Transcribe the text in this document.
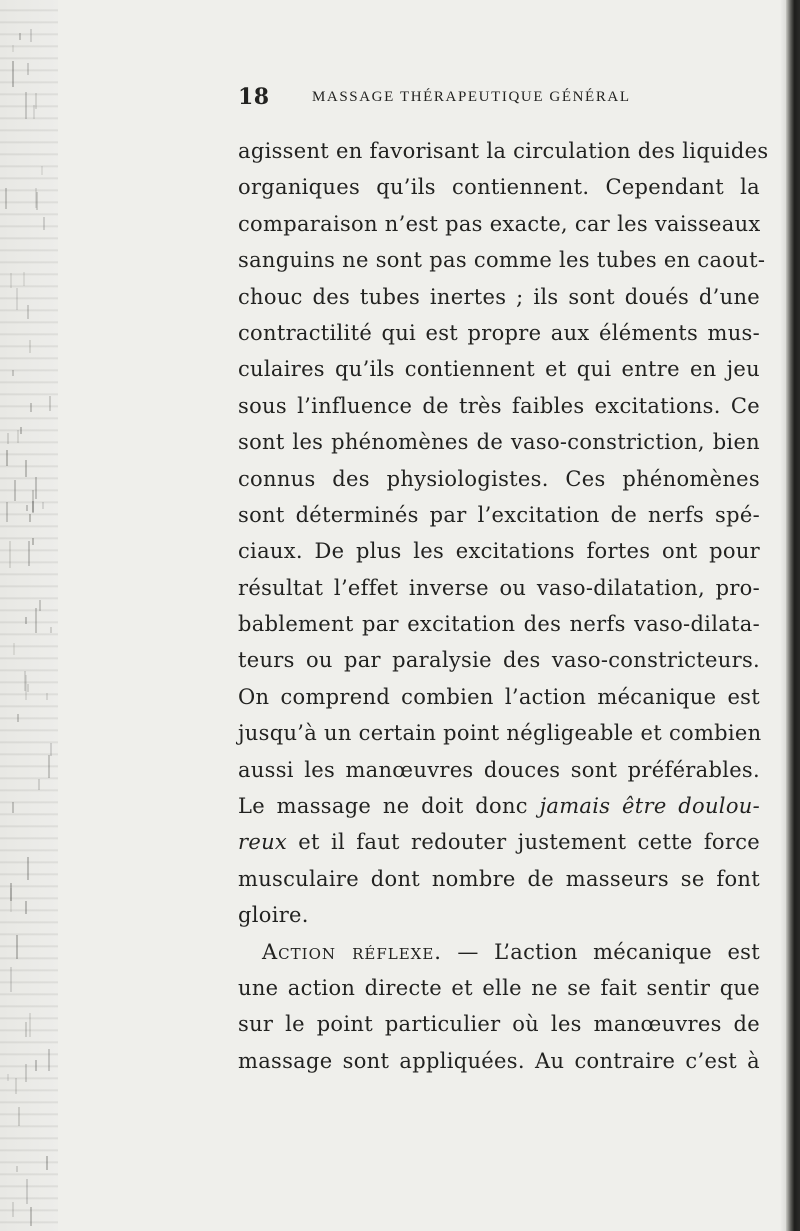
18	MASSAGE THÉRAPEUTIQUE GÉNÉRAL
agissent en favorisant la circulation des liquides
organiques qu’ils contiennent. Cependant la
comparaison n’est pas exacte, car les vaisseaux
sanguins ne sont pas comme les tubes en caout-
chouc des tubes inertes ; ils sont doués d’une
contractilité qui est propre aux éléments mus-
culaires qu’ils contiennent et qui entre en jeu
sous l’influence de très faibles excitations. Ce
sont les phénomènes de vaso-constriction, bien
connus des physiologistes. Ces phénomènes
sont déterminés par l’excitation de nerfs spé-
ciaux. De plus les excitations fortes ont pour
résultat l’effet inverse ou vaso-dilatation, pro-
bablement par excitation des nerfs vaso-dilata-
teurs ou par paralysie des vaso-constricteurs.
On comprend combien l’action mécanique est
jusqu’à un certain point négligeable et combien
aussi les manœuvres douces sont préférables.
Le massage ne doit donc jamais être doulou-
reux et il faut redouter justement cette force
musculaire dont nombre de masseurs se font
gloire.
Action réflexe. — L’action mécanique est
une action directe et elle ne se fait sentir que
sur le point particulier où les manœuvres de
massage sont appliquées. Au contraire c’est à
